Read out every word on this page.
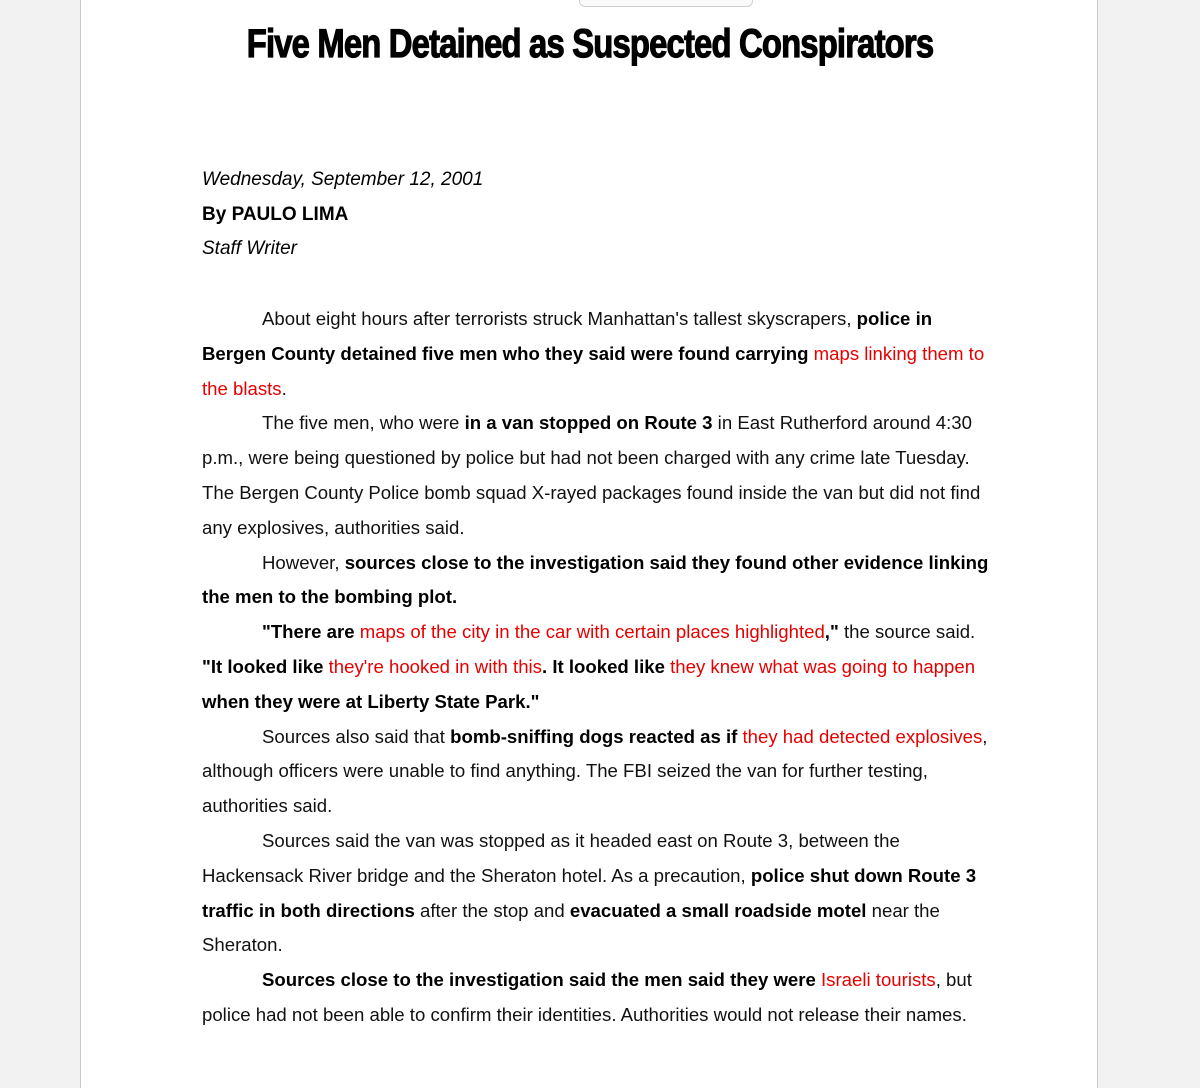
Five Men Detained as Suspected Conspirators
Wednesday, September 12, 2001
By PAULO LIMA
Staff Writer

About eight hours after terrorists struck Manhattan's tallest skyscrapers, police in Bergen County detained five men who they said were found carrying maps linking them to the blasts.

The five men, who were in a van stopped on Route 3 in East Rutherford around 4:30 p.m., were being questioned by police but had not been charged with any crime late Tuesday. The Bergen County Police bomb squad X-rayed packages found inside the van but did not find any explosives, authorities said.

However, sources close to the investigation said they found other evidence linking the men to the bombing plot.

"There are maps of the city in the car with certain places highlighted," the source said. "It looked like they're hooked in with this. It looked like they knew what was going to happen when they were at Liberty State Park."

Sources also said that bomb-sniffing dogs reacted as if they had detected explosives, although officers were unable to find anything. The FBI seized the van for further testing, authorities said.

Sources said the van was stopped as it headed east on Route 3, between the Hackensack River bridge and the Sheraton hotel. As a precaution, police shut down Route 3 traffic in both directions after the stop and evacuated a small roadside motel near the Sheraton.

Sources close to the investigation said the men said they were Israeli tourists, but police had not been able to confirm their identities. Authorities would not release their names.
